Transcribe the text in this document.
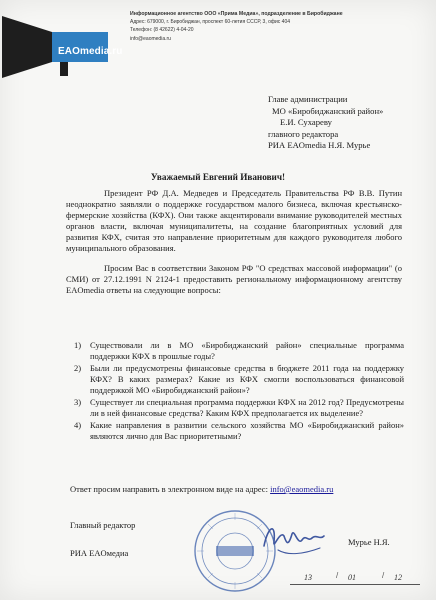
EAOmedia.ru
Информационное агентство ООО «Прима Медиа», подразделение в Биробиджане
Адрес: 679000, г. Биробиджан, проспект 60-летия СССР, 3, офис 404
Телефон: (8 42622) 4-04-20
info@eaomedia.ru
Главе администрации
МО «Биробиджанский район»
Е.И. Сухареву
главного редактора
РИА EAOmedia Н.Я. Мурье
Уважаемый Евгений Иванович!

Президент РФ Д.А. Медведев и Председатель Правительства РФ В.В. Путин неоднократно заявляли о поддержке государством малого бизнеса, включая крестьянско-фермерские хозяйства (КФХ). Они также акцентировали внимание руководителей местных органов власти, включая муниципалитеты, на создание благоприятных условий для развития КФХ, считая это направление приоритетным для каждого руководителя любого муниципального образования.

Просим Вас в соответствии Законом РФ "О средствах массовой информации" (о СМИ) от 27.12.1991 N 2124-1 предоставить региональному информационному агентству EAOmedia ответы на следующие вопросы:

1) Существовали ли в МО «Биробиджанский район» специальные программа поддержки КФХ в прошлые годы?
2) Были ли предусмотрены финансовые средства в бюджете 2011 года на поддержку КФХ? В каких размерах? Какие из КФХ смогли воспользоваться финансовой поддержкой МО «Биробиджанский район»?
3) Существует ли специальная программа поддержки КФХ на 2012 год? Предусмотрены ли в ней финансовые средства? Каким КФХ предполагается их выделение?
4) Какие направления в развитии сельского хозяйства МО «Биробиджанский район» являются лично для Вас приоритетными?
Ответ просим направить в электронном виде на адрес: info@eaomedia.ru
Главный редактор
РИА EAOмедиа
Мурье Н.Я.
13	/ 01	/ 12
